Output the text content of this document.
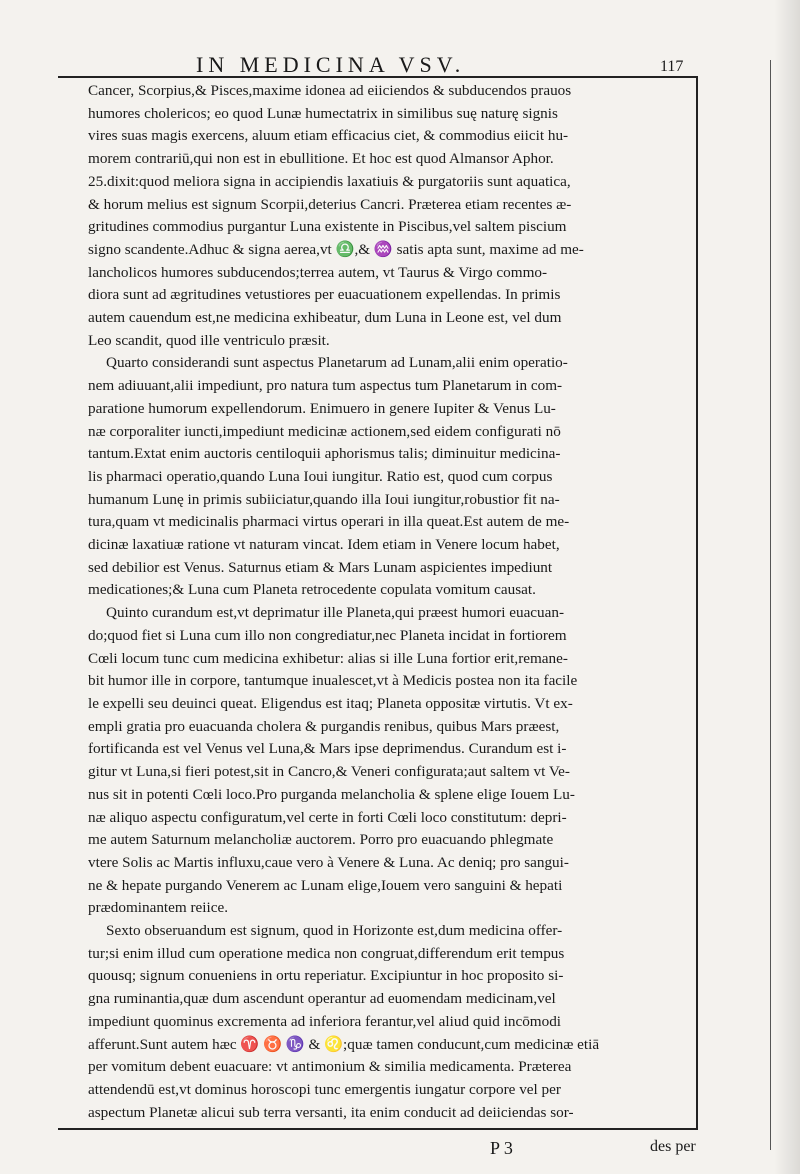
IN MEDICINA VSV.	117
Cancer, Scorpius,& Pisces,maxime idonea ad eiiciendos & subducendos prauos
humores cholericos; eo quod Lunæ humectatrix in similibus suę naturę signis
vires suas magis exercens, aluum etiam efficacius ciet, & commodius eiicit hu-
morem contrariū,qui non est in ebullitione. Et hoc est quod Almansor Aphor.
25.dixit:quod meliora signa in accipiendis laxatiuis & purgatoriis sunt aquatica,
& horum melius est signum Scorpii,deterius Cancri. Præterea etiam recentes æ-
gritudines commodius purgantur Luna existente in Piscibus,vel saltem piscium
signo scandente.Adhuc & signa aerea,vt ♎,& ♒ satis apta sunt, maxime ad me-
lancholicos humores subducendos;terrea autem, vt Taurus & Virgo commo-
diora sunt ad ægritudines vetustiores per euacuationem expellendas. In primis
autem cauendum est,ne medicina exhibeatur, dum Luna in Leone est, vel dum
Leo scandit, quod ille ventriculo præsit.
Quarto considerandi sunt aspectus Planetarum ad Lunam,alii enim operatio-
nem adiuuant,alii impediunt, pro natura tum aspectus tum Planetarum in com-
paratione humorum expellendorum. Enimuero in genere Iupiter & Venus Lu-
næ corporaliter iuncti,impediunt medicinæ actionem,sed eidem configurati nō
tantum.Extat enim auctoris centiloquii aphorismus talis; diminuitur medicina-
lis pharmaci operatio,quando Luna Ioui iungitur. Ratio est, quod cum corpus
humanum Lunę in primis subiiciatur,quando illa Ioui iungitur,robustior fit na-
tura,quam vt medicinalis pharmaci virtus operari in illa queat.Est autem de me-
dicinæ laxatiuæ ratione vt naturam vincat. Idem etiam in Venere locum habet,
sed debilior est Venus. Saturnus etiam & Mars Lunam aspicientes impediunt
medicationes;& Luna cum Planeta retrocedente copulata vomitum causat.
Quinto curandum est,vt deprimatur ille Planeta,qui præest humori euacuan-
do;quod fiet si Luna cum illo non congrediatur,nec Planeta incidat in fortiorem
Cœli locum tunc cum medicina exhibetur: alias si ille Luna fortior erit,remane-
bit humor ille in corpore, tantumque inualescet,vt à Medicis postea non ita facile
le expelli seu deuinci queat. Eligendus est itaq; Planeta oppositæ virtutis. Vt ex-
empli gratia pro euacuanda cholera & purgandis renibus, quibus Mars præest,
fortificanda est vel Venus vel Luna,& Mars ipse deprimendus. Curandum est i-
gitur vt Luna,si fieri potest,sit in Cancro,& Veneri configurata;aut saltem vt Ve-
nus sit in potenti Cœli loco.Pro purganda melancholia & splene elige Iouem Lu-
næ aliquo aspectu configuratum,vel certe in forti Cœli loco constitutum: depri-
me autem Saturnum melancholiæ auctorem. Porro pro euacuando phlegmate
vtere Solis ac Martis influxu,caue vero à Venere & Luna. Ac deniq; pro sangui-
ne & hepate purgando Venerem ac Lunam elige,Iouem vero sanguini & hepati
prædominantem reiice.
Sexto obseruandum est signum, quod in Horizonte est,dum medicina offer-
tur;si enim illud cum operatione medica non congruat,differendum erit tempus
quousq; signum conueniens in ortu reperiatur. Excipiuntur in hoc proposito si-
gna ruminantia,quæ dum ascendunt operantur ad euomendam medicinam,vel
impediunt quominus excrementa ad inferiora ferantur,vel aliud quid incōmodi
afferunt.Sunt autem hæc ♈ ♉ ♑ & ♌;quæ tamen conducunt,cum medicinæ etiā
per vomitum debent euacuare: vt antimonium & similia medicamenta. Præterea
attendendū est,vt dominus horoscopi tunc emergentis iungatur corpore vel per
aspectum Planetæ alicui sub terra versanti, ita enim conducit ad deiiciendas sor-
P 3	des per
